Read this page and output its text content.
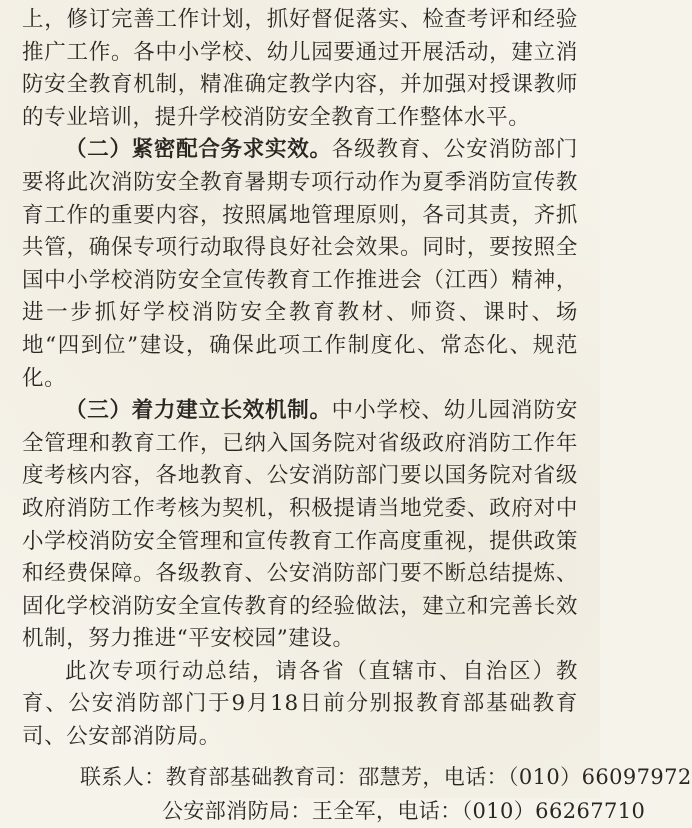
上，修订完善工作计划，抓好督促落实、检查考评和经验推广工作。各中小学校、幼儿园要通过开展活动，建立消防安全教育机制，精准确定教学内容，并加强对授课教师的专业培训，提升学校消防安全教育工作整体水平。

（二）紧密配合务求实效。各级教育、公安消防部门要将此次消防安全教育暑期专项行动作为夏季消防宣传教育工作的重要内容，按照属地管理原则，各司其责，齐抓共管，确保专项行动取得良好社会效果。同时，要按照全国中小学校消防安全宣传教育工作推进会（江西）精神，进一步抓好学校消防安全教育教材、师资、课时、场地“四到位”建设，确保此项工作制度化、常态化、规范化。

（三）着力建立长效机制。中小学校、幼儿园消防安全管理和教育工作，已纳入国务院对省级政府消防工作年度考核内容，各地教育、公安消防部门要以国务院对省级政府消防工作考核为契机，积极提请当地党委、政府对中小学校消防安全管理和宣传教育工作高度重视，提供政策和经费保障。各级教育、公安消防部门要不断总结提炼、固化学校消防安全宣传教育的经验做法，建立和完善长效机制，努力推进“平安校园”建设。

此次专项行动总结，请各省（直辖市、自治区）教育、公安消防部门于9月18日前分别报教育部基础教育司、公安部消防局。

联系人：教育部基础教育司：邵慧芳，电话：（010）66097972

公安部消防局：王全军，电话：（010）66267710
